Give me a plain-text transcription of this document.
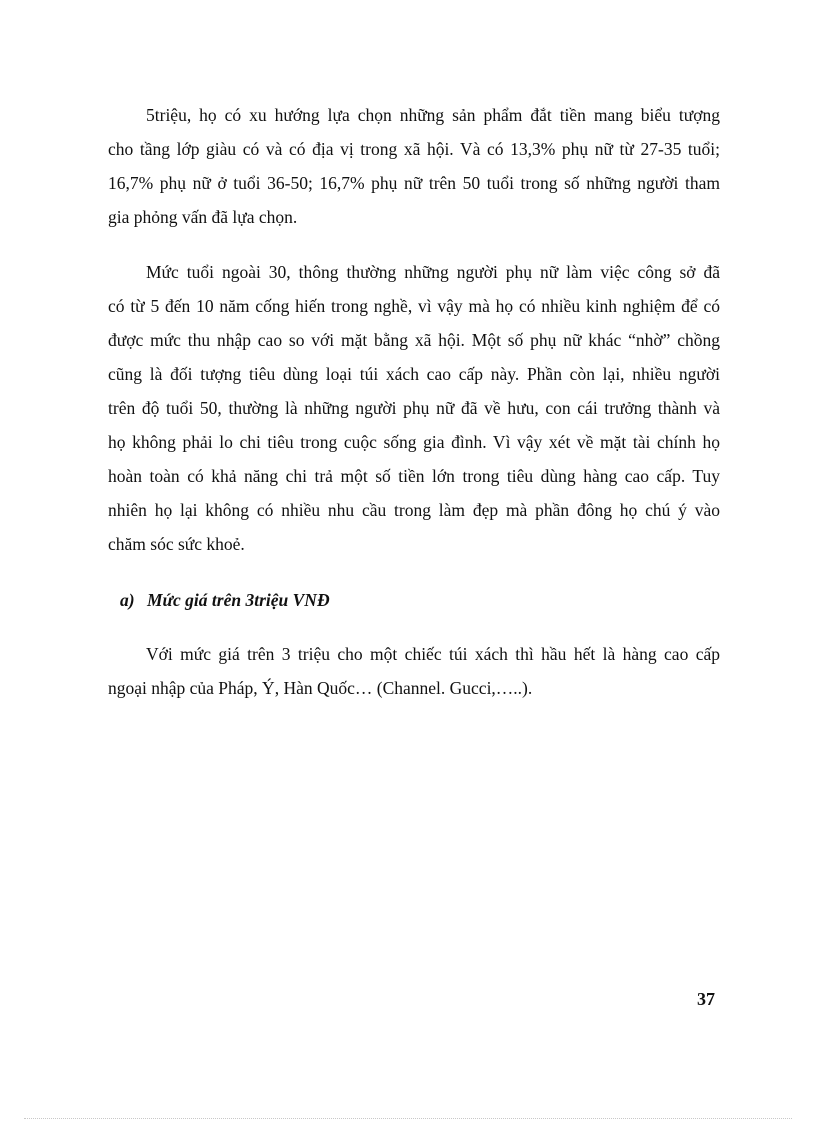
5triệu, họ có xu hướng lựa chọn những sản phẩm đắt tiền mang biểu tượng
cho tầng lớp giàu có và có địa vị trong xã hội. Và có 13,3% phụ nữ từ 27-35 tuổi;
16,7% phụ nữ ở tuổi 36-50; 16,7% phụ nữ trên 50 tuổi trong số những người tham
gia phỏng vấn đã lựa chọn.

Mức tuổi ngoài 30, thông thường những người phụ nữ làm việc công sở đã
có từ 5 đến 10 năm cống hiến trong nghề, vì vậy mà họ có nhiều kinh nghiệm để có
được mức thu nhập cao so với mặt bằng xã hội. Một số phụ nữ khác “nhờ” chồng
cũng là đối tượng tiêu dùng loại túi xách cao cấp này. Phần còn lại, nhiều người
trên độ tuổi 50, thường là những người phụ nữ đã về hưu, con cái trưởng thành và
họ không phải lo chi tiêu trong cuộc sống gia đình. Vì vậy xét về mặt tài chính họ
hoàn toàn có khả năng chi trả một số tiền lớn trong tiêu dùng hàng cao cấp. Tuy
nhiên họ lại không có nhiều nhu cầu trong làm đẹp mà phần đông họ chú ý vào
chăm sóc sức khoẻ.

a) Mức giá trên 3triệu VNĐ

Với mức giá trên 3 triệu cho một chiếc túi xách thì hầu hết là hàng cao cấp
ngoại nhập của Pháp, Ý, Hàn Quốc… (Channel. Gucci,…..).

37
